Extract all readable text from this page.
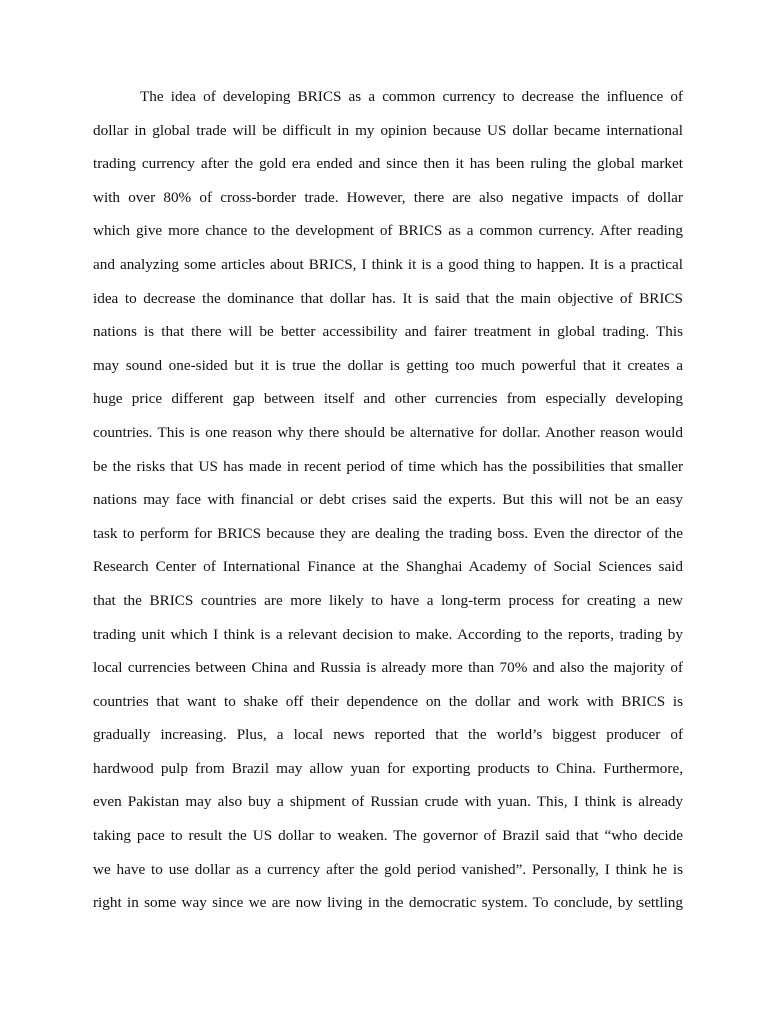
The idea of developing BRICS as a common currency to decrease the influence of
dollar in global trade will be difficult in my opinion because US dollar became international
trading currency after the gold era ended and since then it has been ruling the global market
with over 80% of cross-border trade. However, there are also negative impacts of dollar
which give more chance to the development of BRICS as a common currency. After reading
and analyzing some articles about BRICS, I think it is a good thing to happen. It is a practical
idea to decrease the dominance that dollar has. It is said that the main objective of BRICS
nations is that there will be better accessibility and fairer treatment in global trading. This
may sound one-sided but it is true the dollar is getting too much powerful that it creates a
huge price different gap between itself and other currencies from especially developing
countries. This is one reason why there should be alternative for dollar. Another reason would
be the risks that US has made in recent period of time which has the possibilities that smaller
nations may face with financial or debt crises said the experts. But this will not be an easy
task to perform for BRICS because they are dealing the trading boss. Even the director of the
Research Center of International Finance at the Shanghai Academy of Social Sciences said
that the BRICS countries are more likely to have a long-term process for creating a new
trading unit which I think is a relevant decision to make. According to the reports, trading by
local currencies between China and Russia is already more than 70% and also the majority of
countries that want to shake off their dependence on the dollar and work with BRICS is
gradually increasing. Plus, a local news reported that the world’s biggest producer of
hardwood pulp from Brazil may allow yuan for exporting products to China. Furthermore,
even Pakistan may also buy a shipment of Russian crude with yuan. This, I think is already
taking pace to result the US dollar to weaken. The governor of Brazil said that “who decide
we have to use dollar as a currency after the gold period vanished”. Personally, I think he is
right in some way since we are now living in the democratic system. To conclude, by settling
